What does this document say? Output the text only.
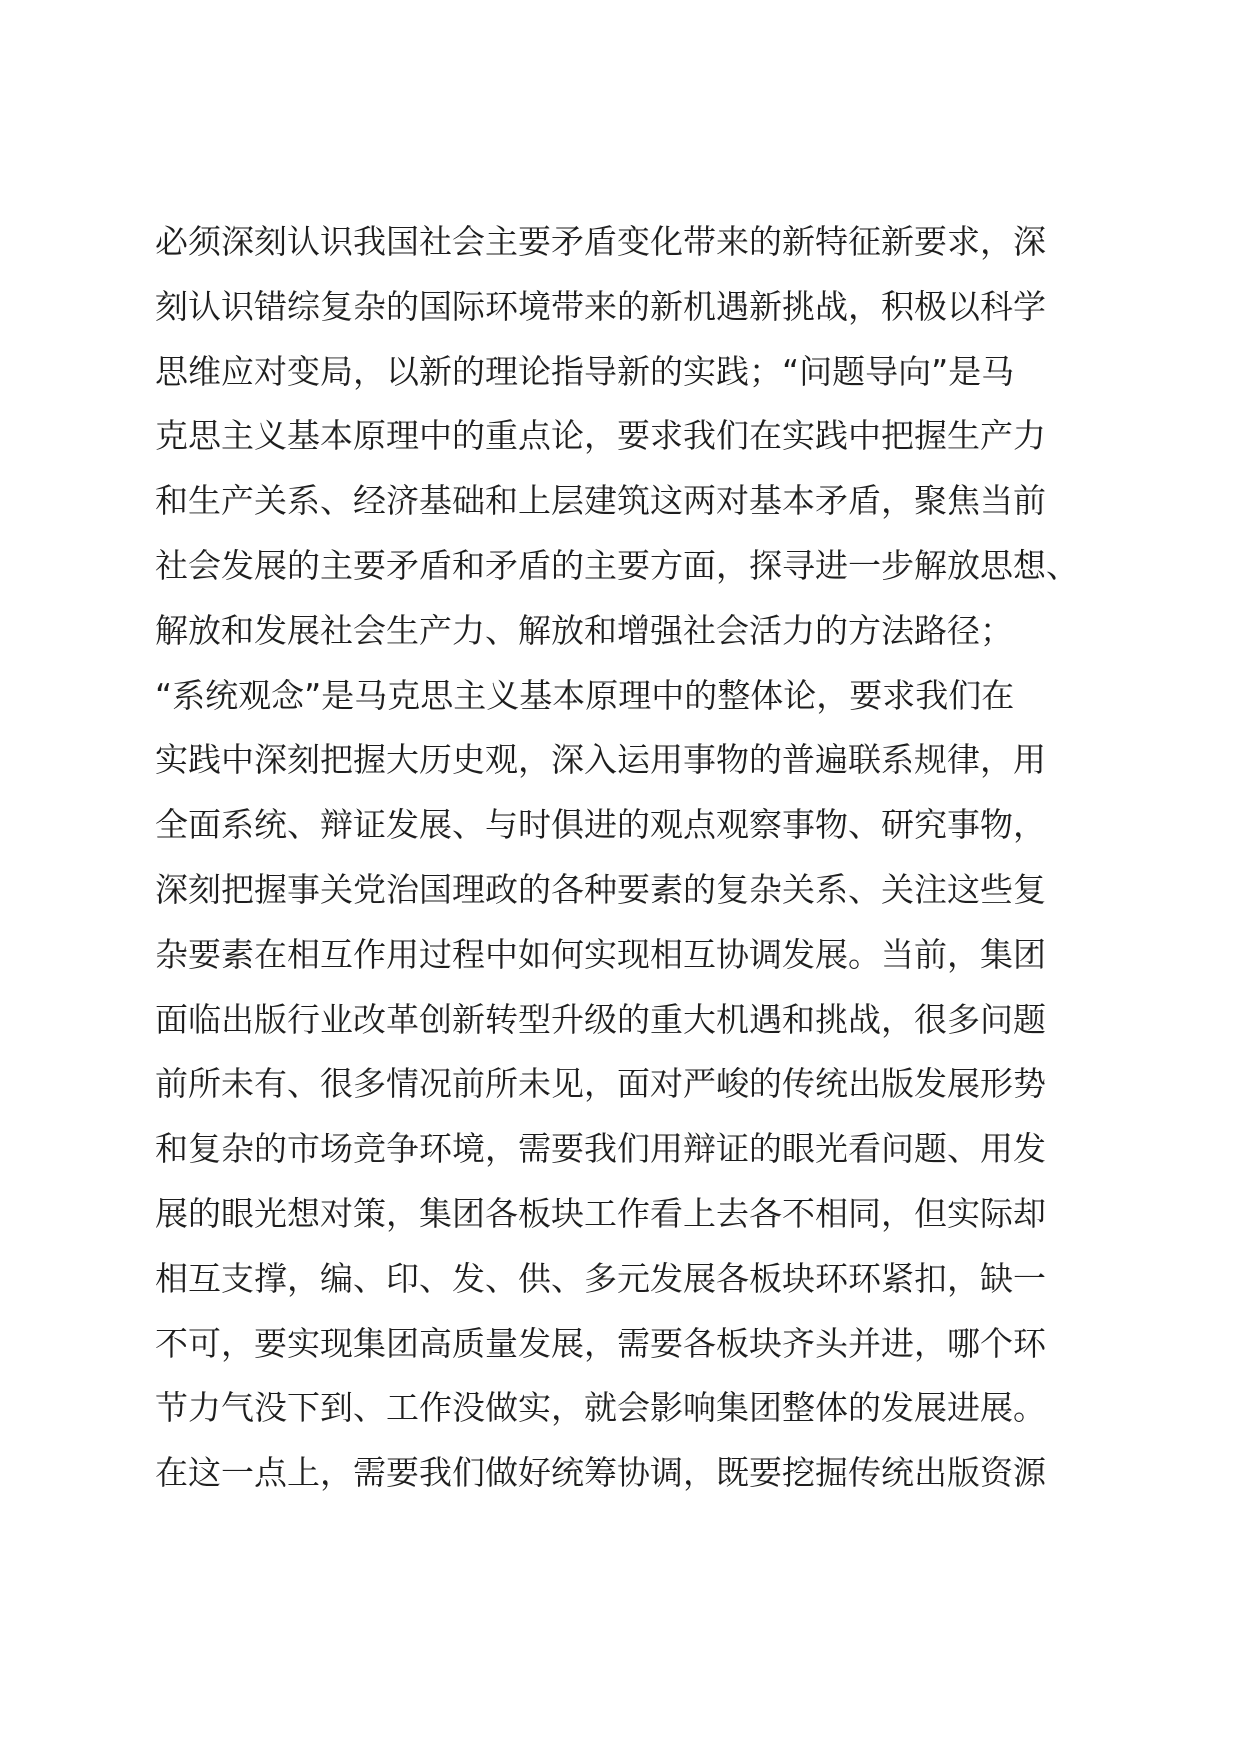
必须深刻认识我国社会主要矛盾变化带来的新特征新要求，深
刻认识错综复杂的国际环境带来的新机遇新挑战，积极以科学
思维应对变局，以新的理论指导新的实践；“问题导向”是马
克思主义基本原理中的重点论，要求我们在实践中把握生产力
和生产关系、经济基础和上层建筑这两对基本矛盾，聚焦当前
社会发展的主要矛盾和矛盾的主要方面，探寻进一步解放思想、
解放和发展社会生产力、解放和增强社会活力的方法路径；
“系统观念”是马克思主义基本原理中的整体论，要求我们在
实践中深刻把握大历史观，深入运用事物的普遍联系规律，用
全面系统、辩证发展、与时俱进的观点观察事物、研究事物，
深刻把握事关党治国理政的各种要素的复杂关系、关注这些复
杂要素在相互作用过程中如何实现相互协调发展。当前，集团
面临出版行业改革创新转型升级的重大机遇和挑战，很多问题
前所未有、很多情况前所未见，面对严峻的传统出版发展形势
和复杂的市场竞争环境，需要我们用辩证的眼光看问题、用发
展的眼光想对策，集团各板块工作看上去各不相同，但实际却
相互支撑，编、印、发、供、多元发展各板块环环紧扣，缺一
不可，要实现集团高质量发展，需要各板块齐头并进，哪个环
节力气没下到、工作没做实，就会影响集团整体的发展进展。
在这一点上，需要我们做好统筹协调，既要挖掘传统出版资源
